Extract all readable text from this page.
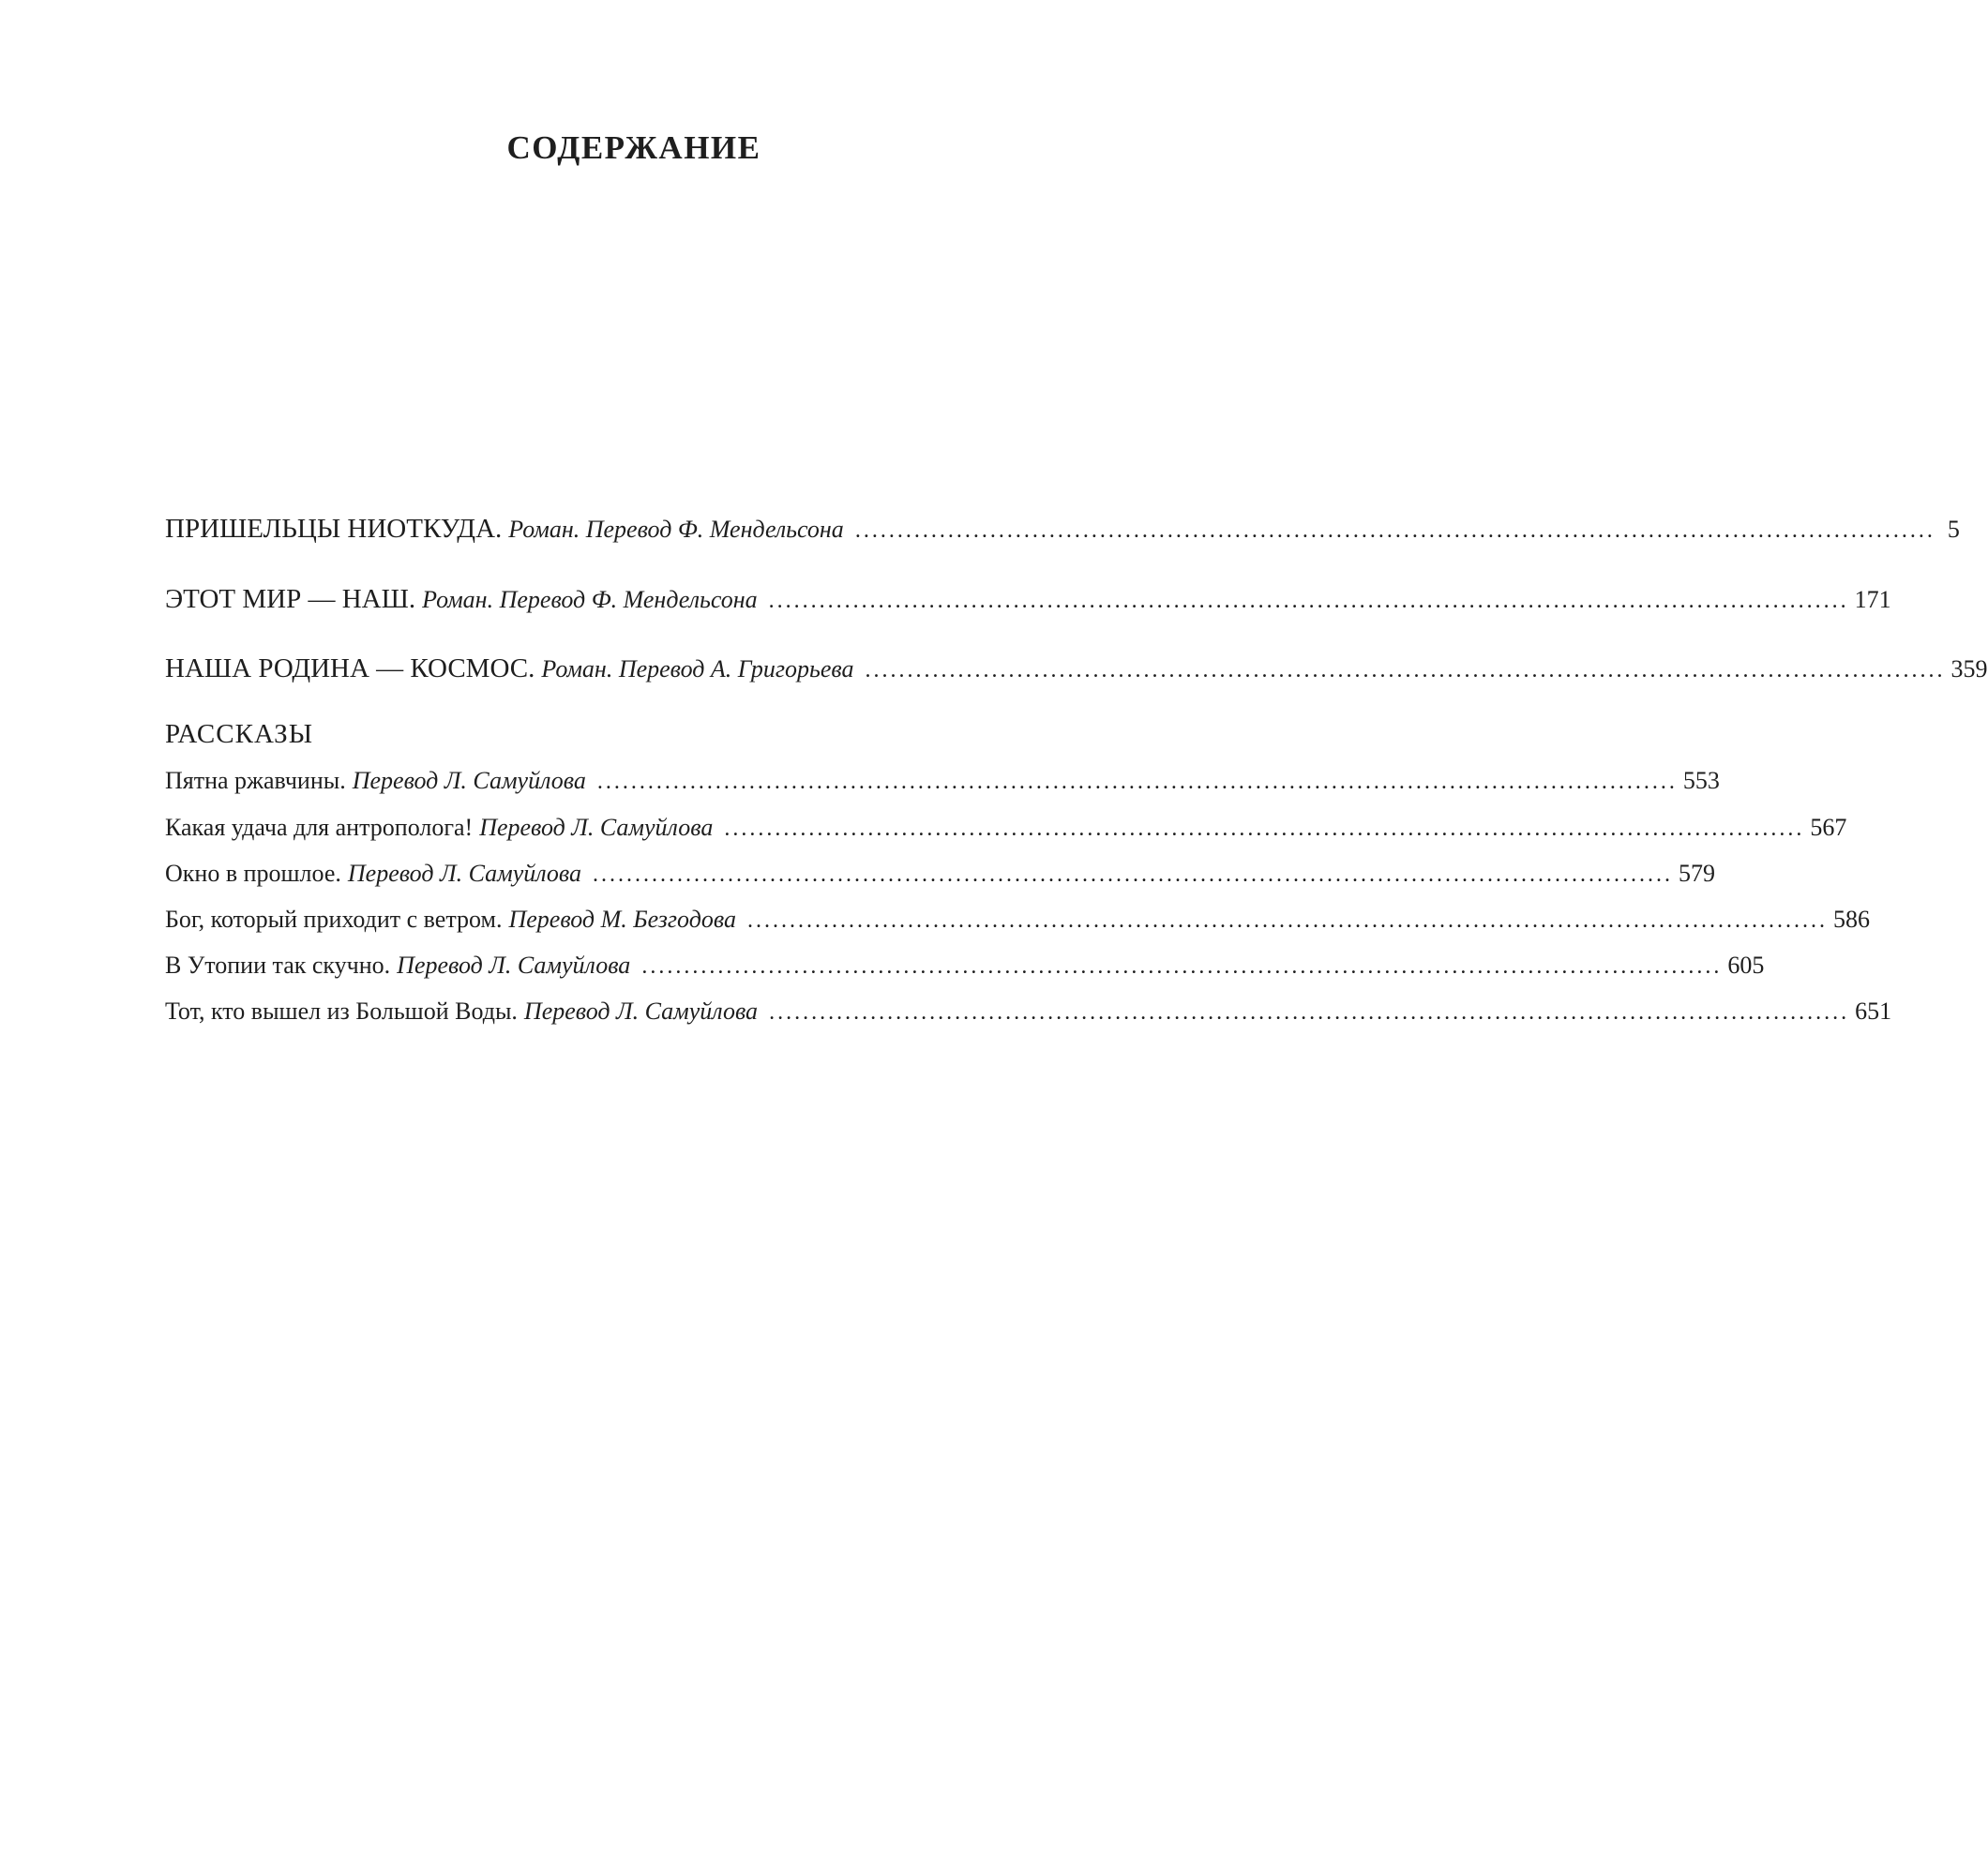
СОДЕРЖАНИЕ
ПРИШЕЛЬЦЫ НИОТКУДА. Роман. Перевод Ф. Мендельсона ................................................................................................................................ 5
ЭТОТ МИР — НАШ. Роман. Перевод Ф. Мендельсона ................................................................................................................................ 171
НАША РОДИНА — КОСМОС. Роман. Перевод А. Григорьева ................................................................................................................................ 359
РАССКАЗЫ
Пятна ржавчины. Перевод Л. Самуйлова ................................................................................................................................ 553
Какая удача для антрополога! Перевод Л. Самуйлова ................................................................................................................................ 567
Окно в прошлое. Перевод Л. Самуйлова ................................................................................................................................ 579
Бог, который приходит с ветром. Перевод М. Безгодова ................................................................................................................................ 586
В Утопии так скучно. Перевод Л. Самуйлова ................................................................................................................................ 605
Тот, кто вышел из Большой Воды. Перевод Л. Самуйлова ................................................................................................................................ 651
